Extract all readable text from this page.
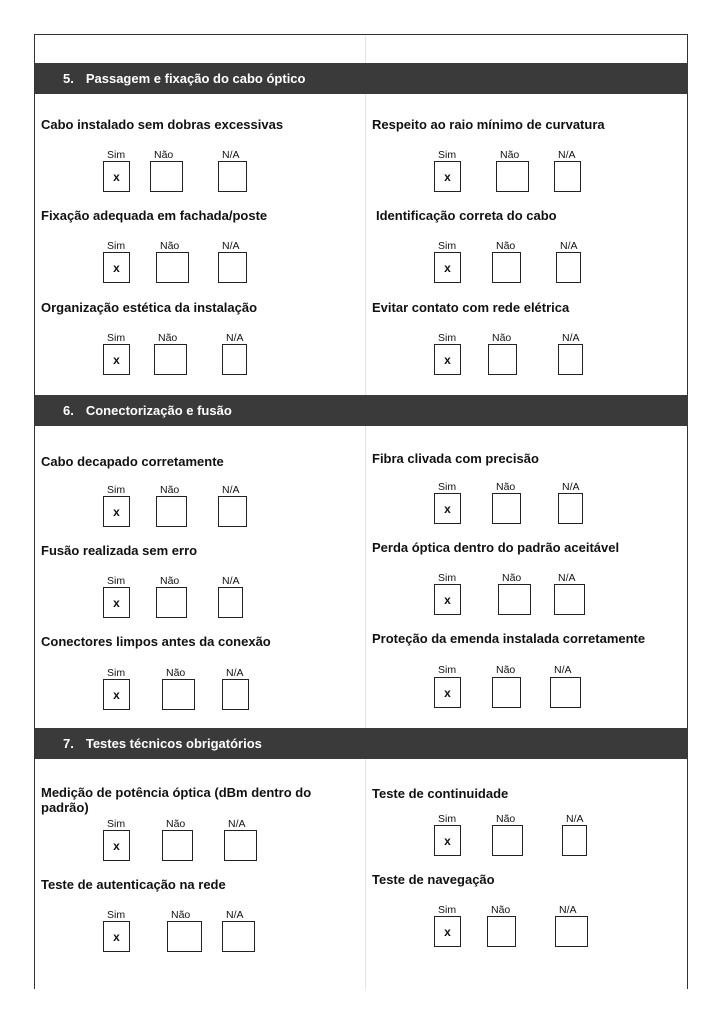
5. Passagem e fixação do cabo óptico
6. Conectorização e fusão
7. Testes técnicos obrigatórios
Cabo instalado sem dobras excessivas
Sim
x
Não	N/A
Respeito ao raio mínimo de curvatura
Sim
x
Não	N/A
Fixação adequada em fachada/poste
Sim
x
Não	N/A
Identificação correta do cabo
Sim
x
Não	N/A
Organização estética da instalação
Sim
x
Não	N/A
Evitar contato com rede elétrica
Sim
x
Não	N/A
Cabo decapado corretamente
Sim
x
Não	N/A
Fibra clivada com precisão
Sim
x
Não	N/A
Fusão realizada sem erro
Sim
x
Não	N/A
Perda óptica dentro do padrão aceitável
Sim
x
Não	N/A
Conectores limpos antes da conexão
Sim
x
Não	N/A
Proteção da emenda instalada corretamente
Sim
x
Não	N/A
Medição de potência óptica (dBm dentro do padrão)
Sim
x
Não	N/A
Teste de continuidade
Sim
x
Não	N/A
Teste de autenticação na rede
Sim
x
Não	N/A
Teste de navegação
Sim
x
Não	N/A
